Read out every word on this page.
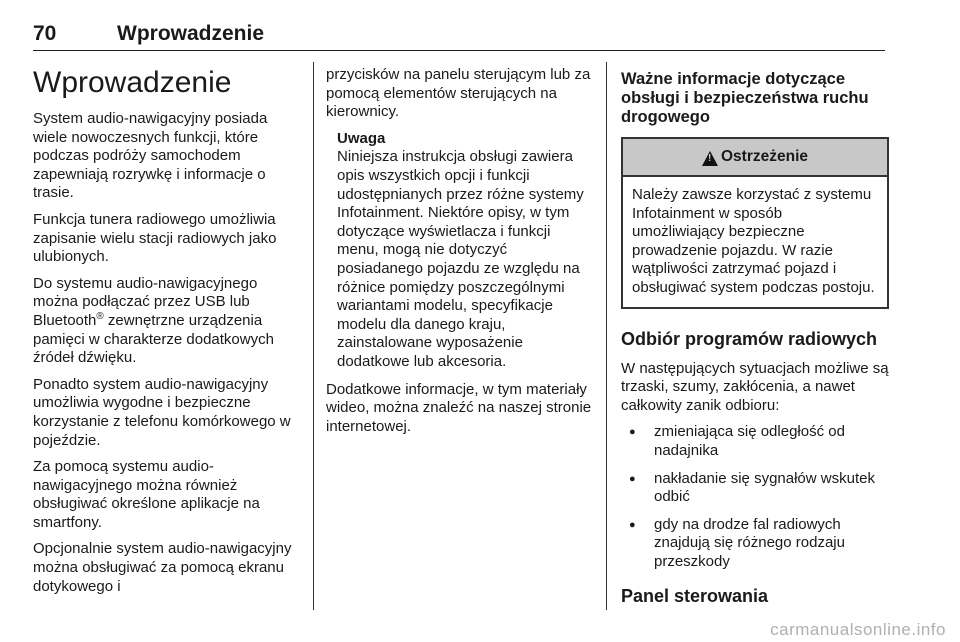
70	Wprowadzenie
Wprowadzenie

System audio-nawigacyjny posiada wiele nowoczesnych funkcji, które podczas podróży samochodem zapewniają rozrywkę i informacje o trasie.

Funkcja tunera radiowego umożliwia zapisanie wielu stacji radiowych jako ulubionych.

Do systemu audio-nawigacyjnego można podłączać przez USB lub Bluetooth® zewnętrzne urządzenia pamięci w charakterze dodatkowych źródeł dźwięku.

Ponadto system audio-nawigacyjny umożliwia wygodne i bezpieczne korzystanie z telefonu komórkowego w pojeździe.

Za pomocą systemu audio-nawigacyjnego można również obsługiwać określone aplikacje na smartfony.

Opcjonalnie system audio-nawigacyjny można obsługiwać za pomocą ekranu dotykowego i

przycisków na panelu sterującym lub za pomocą elementów sterujących na kierownicy.

Uwaga
Niniejsza instrukcja obsługi zawiera opis wszystkich opcji i funkcji udostępnianych przez różne systemy Infotainment. Niektóre opisy, w tym dotyczące wyświetlacza i funkcji menu, mogą nie dotyczyć posiadanego pojazdu ze względu na różnice pomiędzy poszczególnymi wariantami modelu, specyfikacje modelu dla danego kraju, zainstalowane wyposażenie dodatkowe lub akcesoria.

Dodatkowe informacje, w tym materiały wideo, można znaleźć na naszej stronie internetowej.

Ważne informacje dotyczące obsługi i bezpieczeństwa ruchu drogowego
!
Ostrzeżenie
Należy zawsze korzystać z systemu Infotainment w sposób umożliwiający bezpieczne prowadzenie pojazdu. W razie wątpliwości zatrzymać pojazd i obsługiwać system podczas postoju.
Odbiór programów radiowych

W następujących sytuacjach możliwe są trzaski, szumy, zakłócenia, a nawet całkowity zanik odbioru:

● zmieniająca się odległość od nadajnika
● nakładanie się sygnałów wskutek odbić
● gdy na drodze fal radiowych znajdują się różnego rodzaju przeszkody
Panel sterowania
carmanualsonline.info
